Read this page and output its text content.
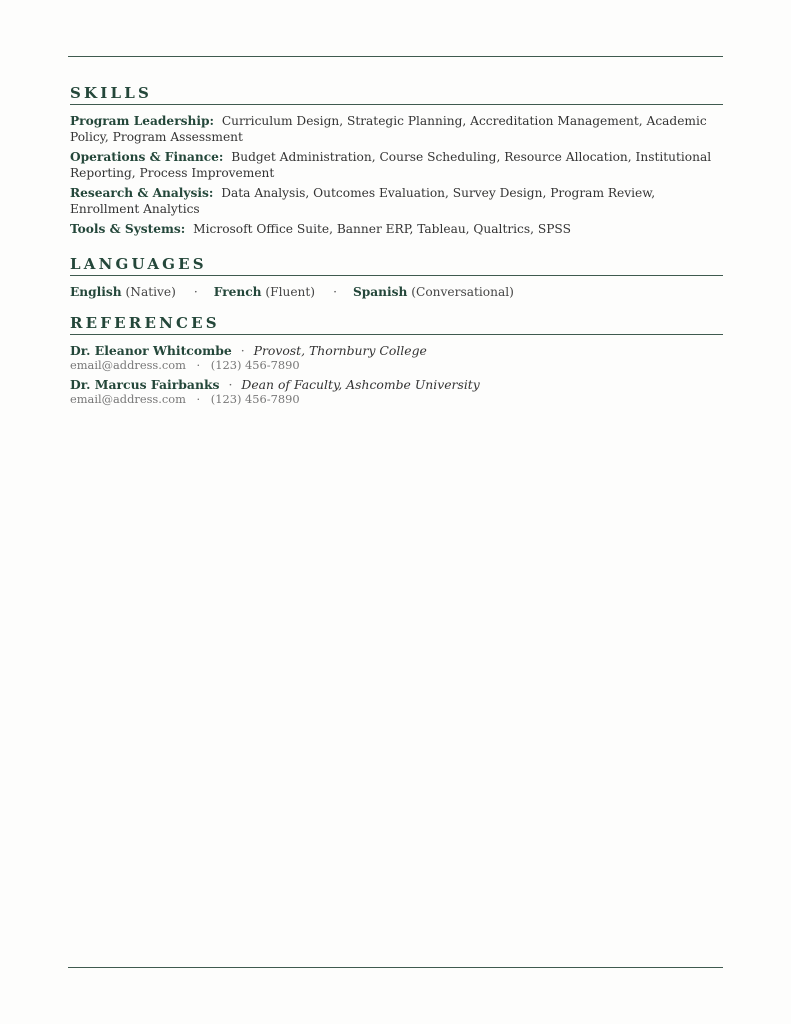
SKILLS
Program Leadership: Curriculum Design, Strategic Planning, Accreditation Management, Academic Policy, Program Assessment
Operations & Finance: Budget Administration, Course Scheduling, Resource Allocation, Institutional Reporting, Process Improvement
Research & Analysis: Data Analysis, Outcomes Evaluation, Survey Design, Program Review, Enrollment Analytics
Tools & Systems: Microsoft Office Suite, Banner ERP, Tableau, Qualtrics, SPSS
LANGUAGES
English (Native) · French (Fluent) · Spanish (Conversational)
REFERENCES
Dr. Eleanor Whitcombe · Provost, Thornbury College
email@address.com · (123) 456-7890
Dr. Marcus Fairbanks · Dean of Faculty, Ashcombe University
email@address.com · (123) 456-7890
